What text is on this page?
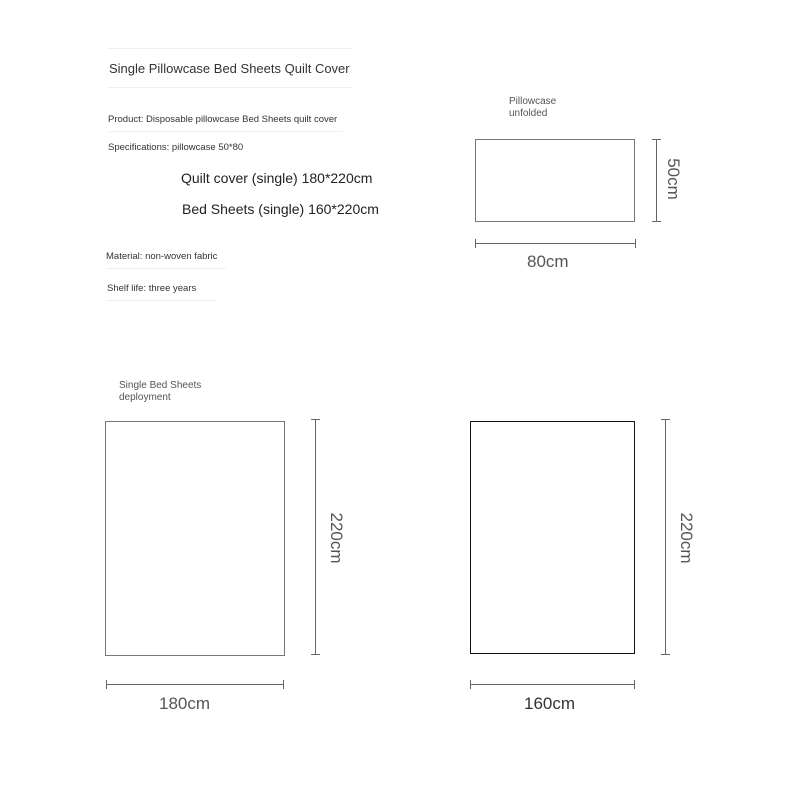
Single Pillowcase Bed Sheets Quilt Cover
Product: Disposable pillowcase Bed Sheets quilt cover
Specifications: pillowcase 50*80
Quilt cover (single) 180*220cm
Bed Sheets (single) 160*220cm
Material: non-woven fabric
Shelf life: three years
Pillowcase
unfolded
50cm
80cm
Single Bed Sheets
deployment
220cm
180cm
220cm
160cm
